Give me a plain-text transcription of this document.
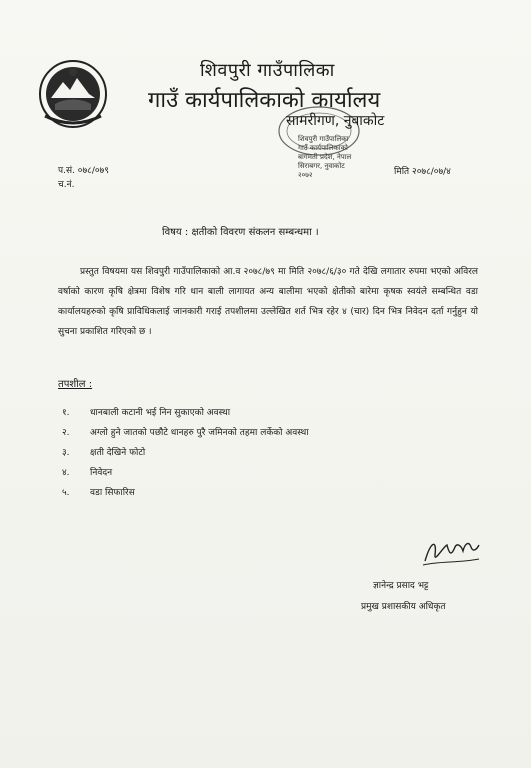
शिवपुरी गाउँपालिका
गाउँ कार्यपालिकाको कार्यालय
सामरीगण, नुवाकोट
शिवपुरी गाउँपालिका
गाउँ कार्यपालिकाको
बागमती प्रदेश, नेपाल
सिराबगर, नुवाकोट
२०७२
प.सं. ०७८/०७९
च.नं.
मिति २०७८/०७/४
विषय : क्षतीको विवरण संकलन सम्बन्धमा ।
प्रस्तुत विषयमा यस शिवपुरी गाउँपालिकाको आ.व २०७८/७९ मा मिति २०७८/६/३० गते देखि लगातार रुपमा भएको अविरल वर्षाको कारण कृषि क्षेत्रमा विशेष गरि धान बाली लागायत अन्य बालीमा भएको क्षेतीको बारेमा कृषक स्वयंले सम्बन्धित वडा कार्यालयहरुको कृषि प्राविधिकलाई जानकारी गराई तपशीलमा उल्लेखित शर्त भित्र रहेर ४ (चार) दिन भित्र निवेदन दर्ता गर्नुहुन यो सुचना प्रकाशित गरिएको छ ।
तपशील :
१. धानबाली कटानी भई निन सुकाएको अवस्था
२. अग्लो हुने जातको पछौटे धानहरु पुरै जमिनको तहमा लर्केको अवस्था
३. क्षती देखिने फोटो
४. निवेदन
५. वडा सिफारिस
ज्ञानेन्द्र प्रसाद भट्ट
प्रमुख प्रशासकीय अधिकृत
